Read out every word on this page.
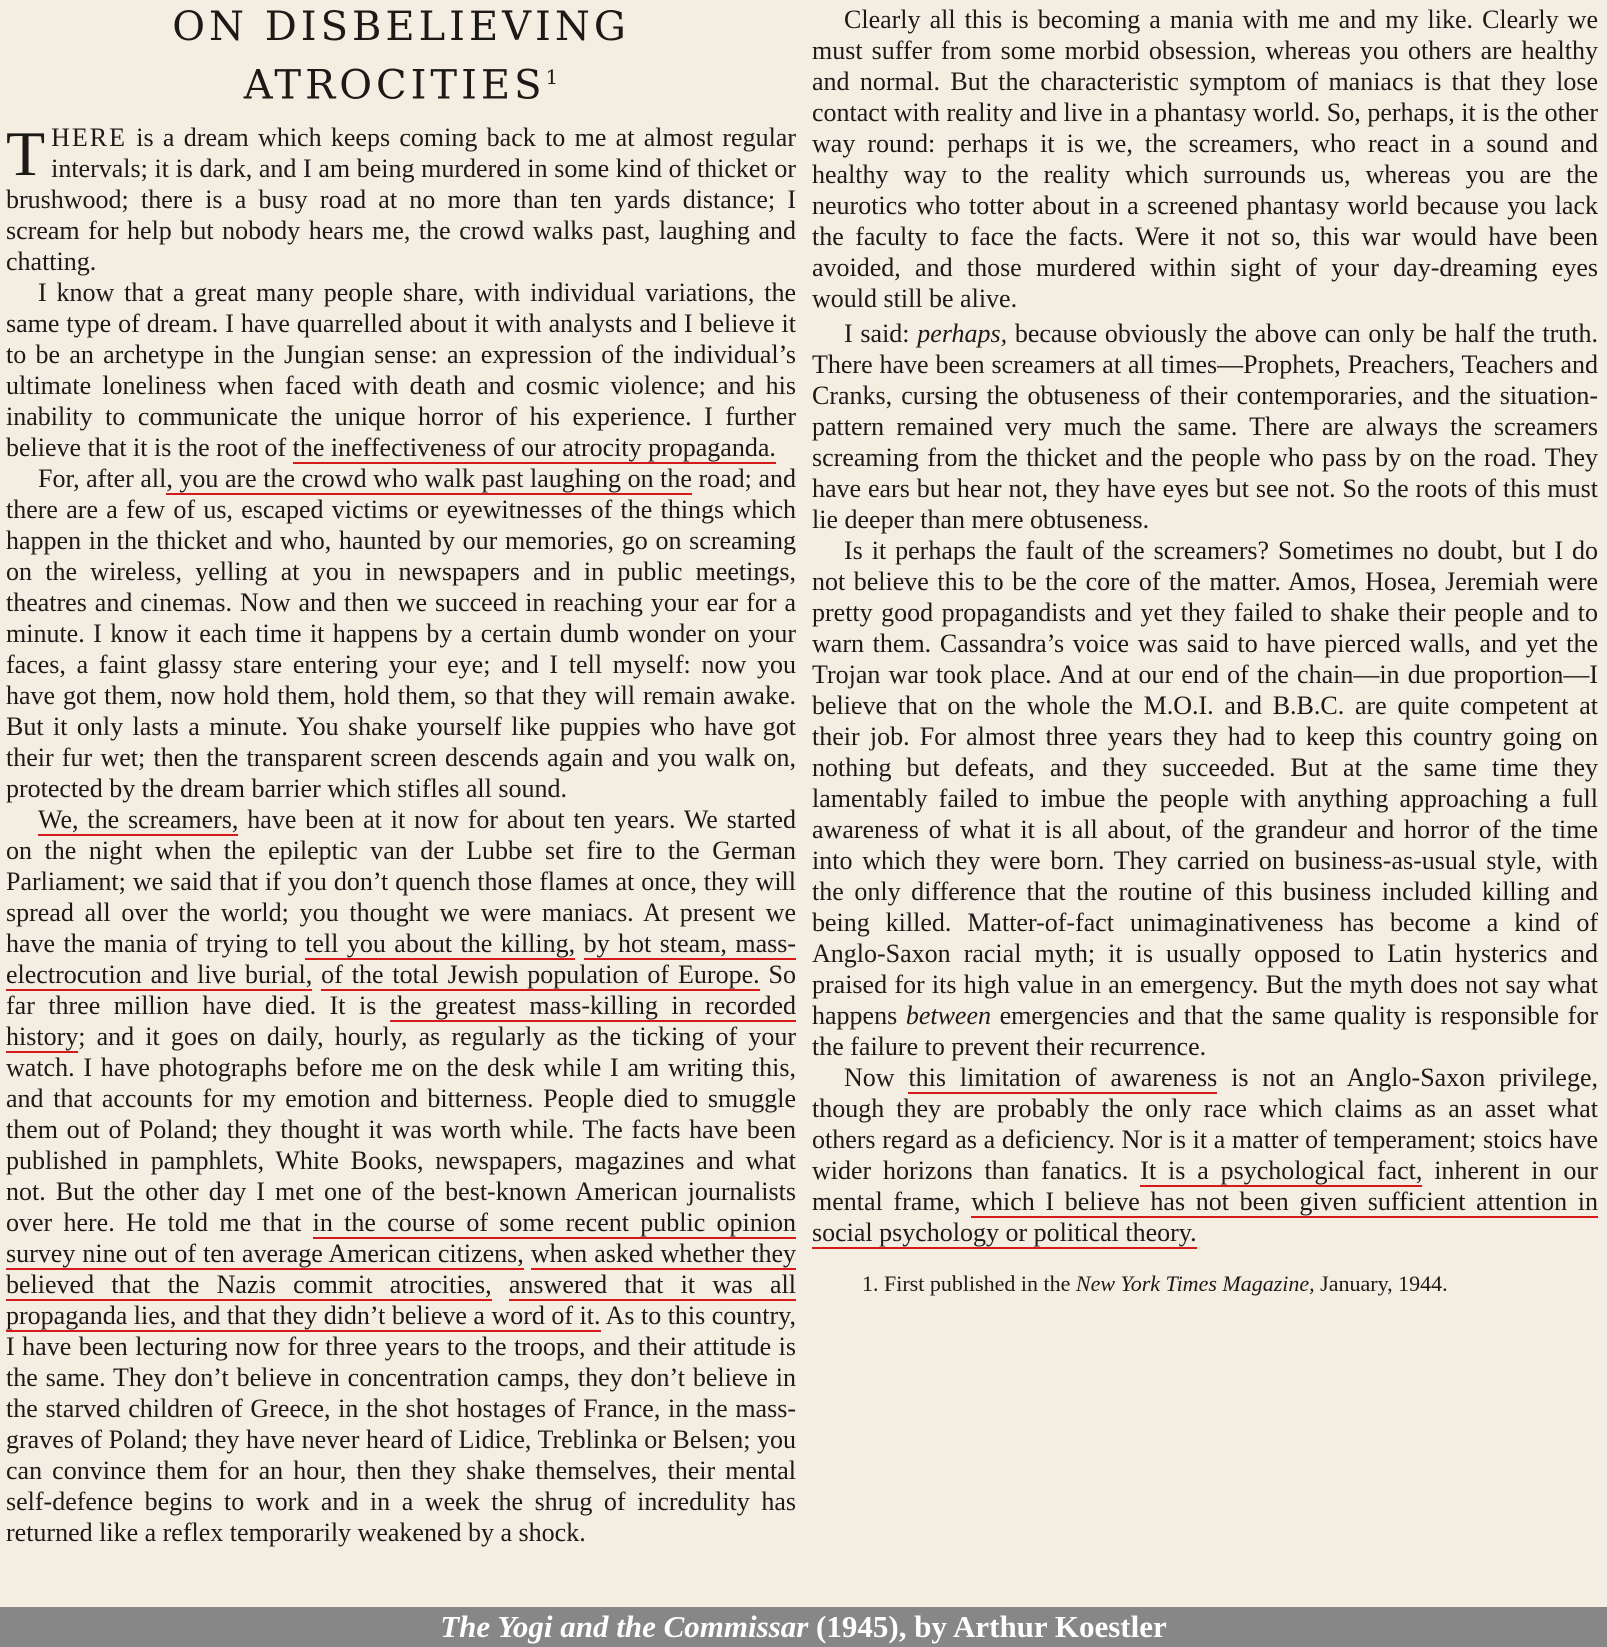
ON DISBELIEVING
ATROCITIES$^1$

THERE is a dream which keeps coming back to me at almost regular intervals; it is dark, and I am being murdered in some kind of thicket or brushwood; there is a busy road at no more than ten yards distance; I scream for help but nobody hears me, the crowd walks past, laughing and chatting.

I know that a great many people share, with individual variations, the same type of dream. I have quarrelled about it with analysts and I believe it to be an archetype in the Jungian sense: an expression of the individual’s ultimate loneliness when faced with death and cosmic violence; and his inability to communicate the unique horror of his experience. I further believe that it is the root of the ineffectiveness of our atrocity propaganda.

For, after all, you are the crowd who walk past laughing on the road; and there are a few of us, escaped victims or eyewitnesses of the things which happen in the thicket and who, haunted by our memories, go on screaming on the wireless, yelling at you in newspapers and in public meetings, theatres and cinemas. Now and then we succeed in reaching your ear for a minute. I know it each time it happens by a certain dumb wonder on your faces, a faint glassy stare entering your eye; and I tell myself: now you have got them, now hold them, hold them, so that they will remain awake. But it only lasts a minute. You shake yourself like puppies who have got their fur wet; then the transparent screen descends again and you walk on, protected by the dream barrier which stifles all sound.

We, the screamers, have been at it now for about ten years. We started on the night when the epileptic van der Lubbe set fire to the German Parliament; we said that if you don’t quench those flames at once, they will spread all over the world; you thought we were maniacs. At present we have the mania of trying to tell you about the killing, by hot steam, mass-electrocution and live burial, of the total Jewish population of Europe. So far three million have died. It is the greatest mass-killing in recorded history; and it goes on daily, hourly, as regularly as the ticking of your watch. I have photographs before me on the desk while I am writing this, and that accounts for my emotion and bitterness. People died to smuggle them out of Poland; they thought it was worth while. The facts have been published in pamphlets, White Books, newspapers, magazines and what not. But the other day I met one of the best-known American journalists over here. He told me that in the course of some recent public opinion survey nine out of ten average American citizens, when asked whether they believed that the Nazis commit atrocities, answered that it was all propaganda lies, and that they didn’t believe a word of it. As to this country, I have been lecturing now for three years to the troops, and their attitude is the same. They don’t believe in concentration camps, they don’t believe in the starved children of Greece, in the shot hostages of France, in the mass-graves of Poland; they have never heard of Lidice, Treblinka or Belsen; you can convince them for an hour, then they shake themselves, their mental self-defence begins to work and in a week the shrug of incredulity has returned like a reflex temporarily weakened by a shock.

Clearly all this is becoming a mania with me and my like. Clearly we must suffer from some morbid obsession, whereas you others are healthy and normal. But the characteristic symptom of maniacs is that they lose contact with reality and live in a phantasy world. So, perhaps, it is the other way round: perhaps it is we, the screamers, who react in a sound and healthy way to the reality which surrounds us, whereas you are the neurotics who totter about in a screened phantasy world because you lack the faculty to face the facts. Were it not so, this war would have been avoided, and those murdered within sight of your day-dreaming eyes would still be alive.

I said: perhaps, because obviously the above can only be half the truth. There have been screamers at all times—Prophets, Preachers, Teachers and Cranks, cursing the obtuseness of their contemporaries, and the situation-pattern remained very much the same. There are always the screamers screaming from the thicket and the people who pass by on the road. They have ears but hear not, they have eyes but see not. So the roots of this must lie deeper than mere obtuseness.

Is it perhaps the fault of the screamers? Sometimes no doubt, but I do not believe this to be the core of the matter. Amos, Hosea, Jeremiah were pretty good propagandists and yet they failed to shake their people and to warn them. Cassandra’s voice was said to have pierced walls, and yet the Trojan war took place. And at our end of the chain—in due proportion—I believe that on the whole the M.O.I. and B.B.C. are quite competent at their job. For almost three years they had to keep this country going on nothing but defeats, and they succeeded. But at the same time they lamentably failed to imbue the people with anything approaching a full awareness of what it is all about, of the grandeur and horror of the time into which they were born. They carried on business-as-usual style, with the only difference that the routine of this business included killing and being killed. Matter-of-fact unimaginativeness has become a kind of Anglo-Saxon racial myth; it is usually opposed to Latin hysterics and praised for its high value in an emergency. But the myth does not say what happens between emergencies and that the same quality is responsible for the failure to prevent their recurrence.

Now this limitation of awareness is not an Anglo-Saxon privilege, though they are probably the only race which claims as an asset what others regard as a deficiency. Nor is it a matter of temperament; stoics have wider horizons than fanatics. It is a psychological fact, inherent in our mental frame, which I believe has not been given sufficient attention in social psychology or political theory.

1. First published in the New York Times Magazine, January, 1944.

The Yogi and the Commissar (1945), by Arthur Koestler
